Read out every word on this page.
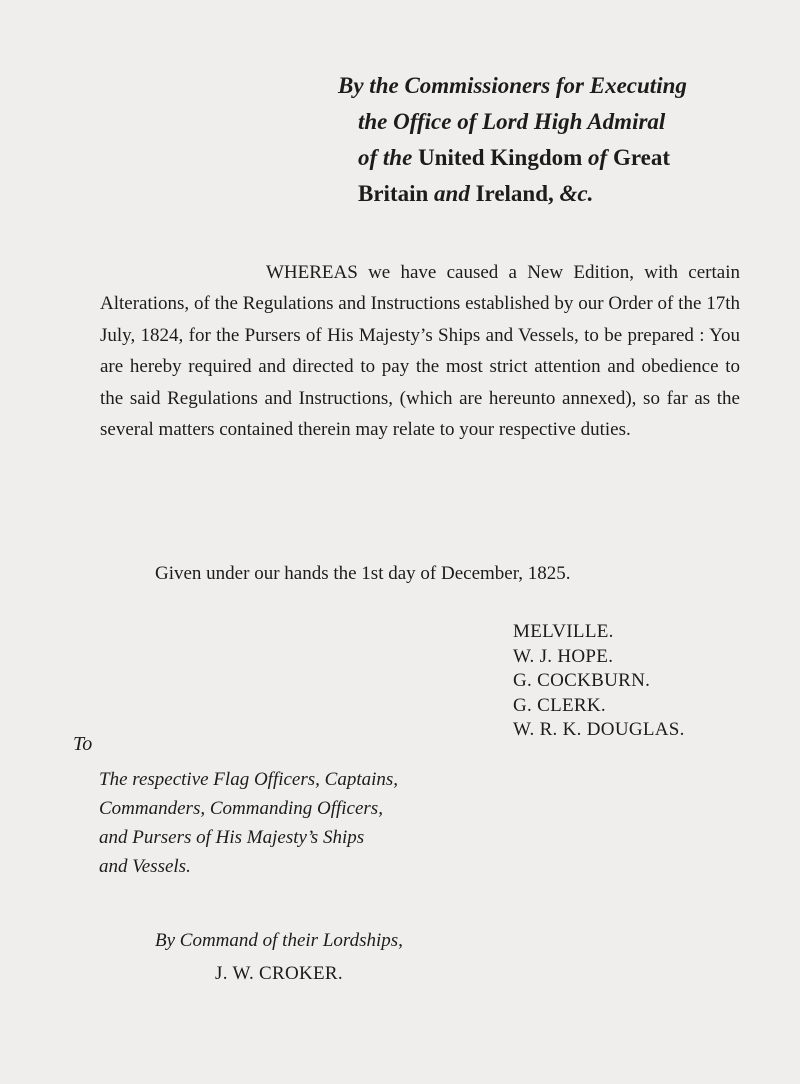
By the Commissioners for Executing
the Office of Lord High Admiral
of the United Kingdom of Great
Britain and Ireland, &c.
WHEREAS we have caused a New Edition, with certain Alterations, of the Regulations and Instructions established by our Order of the 17th July, 1824, for the Pursers of His Majesty’s Ships and Vessels, to be prepared : You are hereby required and directed to pay the most strict attention and obedience to the said Regulations and Instructions, (which are hereunto annexed), so far as the several matters contained therein may relate to your respective duties.
Given under our hands the 1st day of December, 1825.
MELVILLE.
W. J. HOPE.
G. COCKBURN.
G. CLERK.
W. R. K. DOUGLAS.
To
The respective Flag Officers, Captains,
Commanders, Commanding Officers,
and Pursers of His Majesty’s Ships
and Vessels.
By Command of their Lordships,
J. W. CROKER.
